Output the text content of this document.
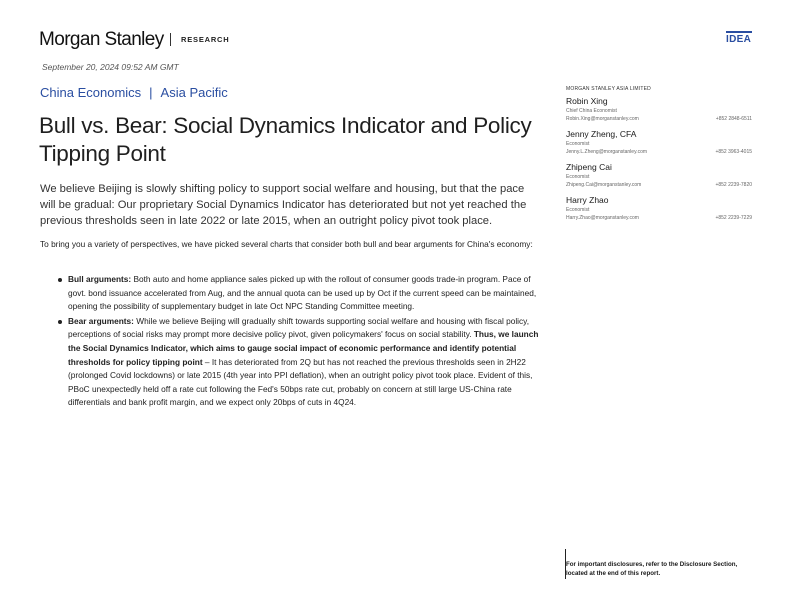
Morgan Stanley RESEARCH	IDEA
September 20, 2024 09:52 AM GMT
China Economics | Asia Pacific
Bull vs. Bear: Social Dynamics Indicator and Policy Tipping Point

We believe Beijing is slowly shifting policy to support social welfare and housing, but that the pace will be gradual: Our proprietary Social Dynamics Indicator has deteriorated but not yet reached the previous thresholds seen in late 2022 or late 2015, when an outright policy pivot took place.

To bring you a variety of perspectives, we have picked several charts that consider both bull and bear arguments for China's economy:

Bull arguments: Both auto and home appliance sales picked up with the rollout of consumer goods trade-in program. Pace of govt. bond issuance accelerated from Aug, and the annual quota can be used up by Oct if the current speed can be maintained, opening the possibility of supplementary budget in late Oct NPC Standing Committee meeting.
Bear arguments: While we believe Beijing will gradually shift towards supporting social welfare and housing with fiscal policy, perceptions of social risks may prompt more decisive policy pivot, given policymakers' focus on social stability. Thus, we launch the Social Dynamics Indicator, which aims to gauge social impact of economic performance and identify potential thresholds for policy tipping point – It has deteriorated from 2Q but has not reached the previous thresholds seen in 2H22 (prolonged Covid lockdowns) or late 2015 (4th year into PPI deflation), when an outright policy pivot took place. Evident of this, PBoC unexpectedly held off a rate cut following the Fed's 50bps rate cut, probably on concern at still large US-China rate differentials and bank profit margin, and we expect only 20bps of cuts in 4Q24.
MORGAN STANLEY ASIA LIMITED
Robin Xing
Chief China Economist
Robin.Xing@morganstanley.com	+852 2848-6511
Jenny Zheng, CFA
Economist
Jenny.L.Zheng@morganstanley.com	+852 3963-4015
Zhipeng Cai
Economist
Zhipeng.Cai@morganstanley.com	+852 2239-7820
Harry Zhao
Economist
Harry.Zhao@morganstanley.com	+852 2239-7229
For important disclosures, refer to the Disclosure Section, located at the end of this report.
